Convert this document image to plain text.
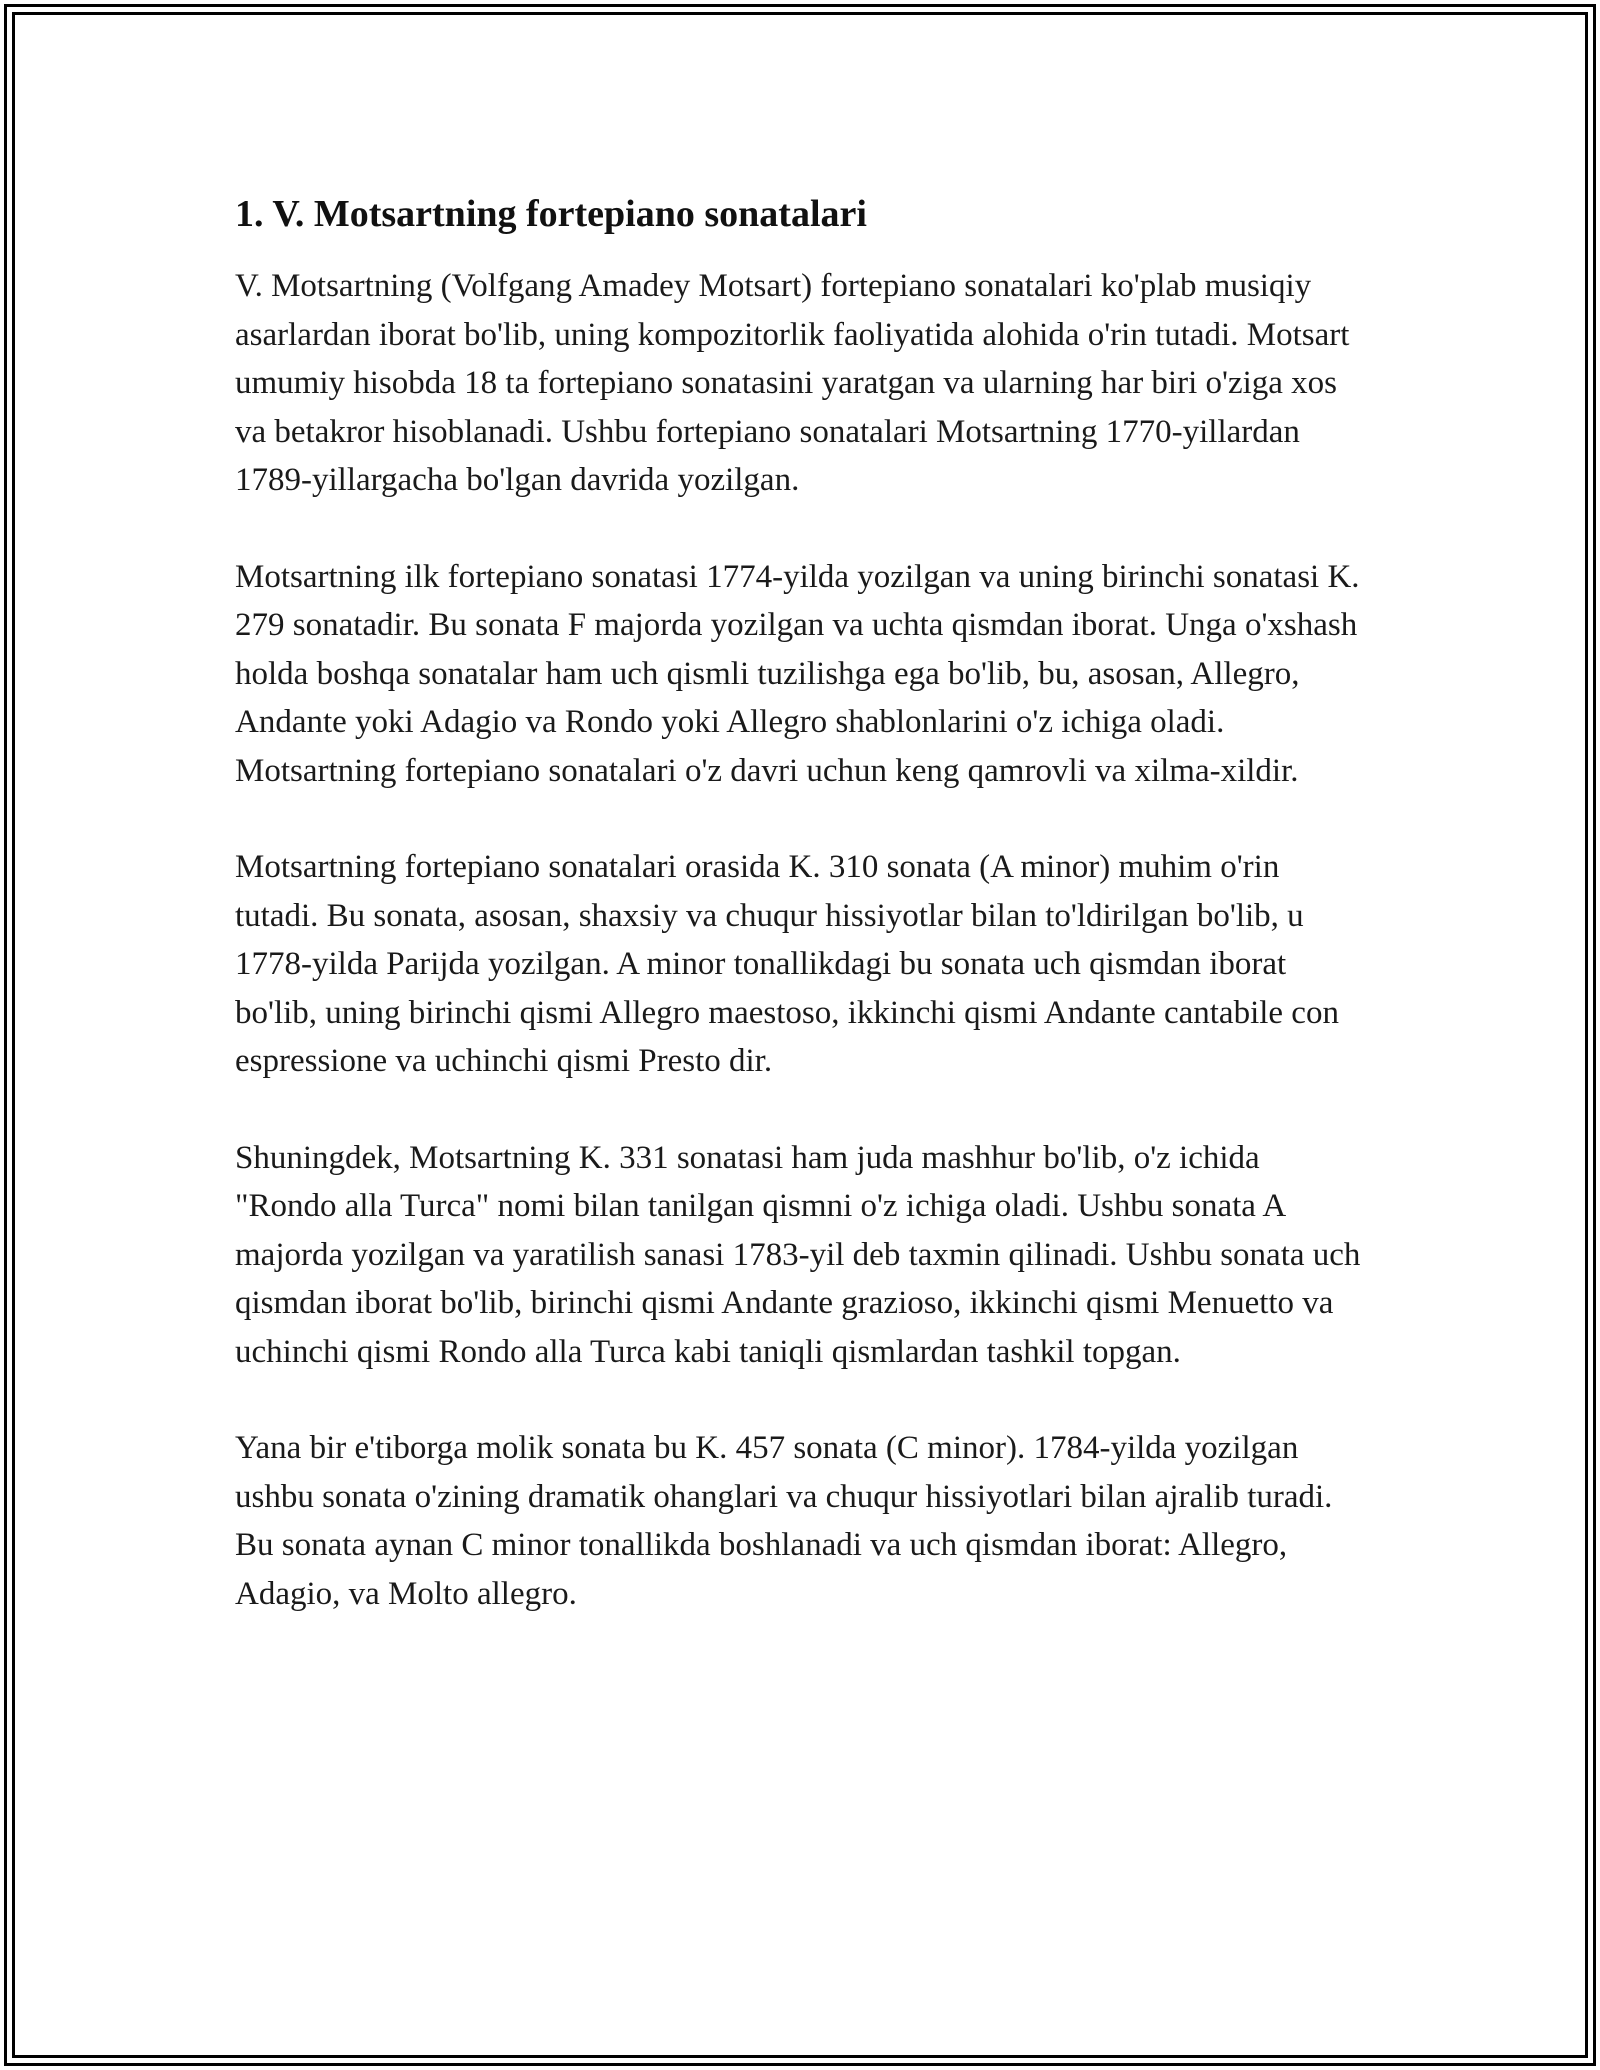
1. V. Motsartning fortepiano sonatalari

V. Motsartning (Volfgang Amadey Motsart) fortepiano sonatalari ko'plab musiqiy asarlardan iborat bo'lib, uning kompozitorlik faoliyatida alohida o'rin tutadi. Motsart umumiy hisobda 18 ta fortepiano sonatasini yaratgan va ularning har biri o'ziga xos va betakror hisoblanadi. Ushbu fortepiano sonatalari Motsartning 1770-yillardan 1789-yillargacha bo'lgan davrida yozilgan.

Motsartning ilk fortepiano sonatasi 1774-yilda yozilgan va uning birinchi sonatasi K. 279 sonatadir. Bu sonata F majorda yozilgan va uchta qismdan iborat. Unga o'xshash holda boshqa sonatalar ham uch qismli tuzilishga ega bo'lib, bu, asosan, Allegro, Andante yoki Adagio va Rondo yoki Allegro shablonlarini o'z ichiga oladi. Motsartning fortepiano sonatalari o'z davri uchun keng qamrovli va xilma-xildir.

Motsartning fortepiano sonatalari orasida K. 310 sonata (A minor) muhim o'rin tutadi. Bu sonata, asosan, shaxsiy va chuqur hissiyotlar bilan to'ldirilgan bo'lib, u 1778-yilda Parijda yozilgan. A minor tonallikdagi bu sonata uch qismdan iborat bo'lib, uning birinchi qismi Allegro maestoso, ikkinchi qismi Andante cantabile con espressione va uchinchi qismi Presto dir.

Shuningdek, Motsartning K. 331 sonatasi ham juda mashhur bo'lib, o'z ichida "Rondo alla Turca" nomi bilan tanilgan qismni o'z ichiga oladi. Ushbu sonata A majorda yozilgan va yaratilish sanasi 1783-yil deb taxmin qilinadi. Ushbu sonata uch qismdan iborat bo'lib, birinchi qismi Andante grazioso, ikkinchi qismi Menuetto va uchinchi qismi Rondo alla Turca kabi taniqli qismlardan tashkil topgan.

Yana bir e'tiborga molik sonata bu K. 457 sonata (C minor). 1784-yilda yozilgan ushbu sonata o'zining dramatik ohanglari va chuqur hissiyotlari bilan ajralib turadi. Bu sonata aynan C minor tonallikda boshlanadi va uch qismdan iborat: Allegro, Adagio, va Molto allegro.
